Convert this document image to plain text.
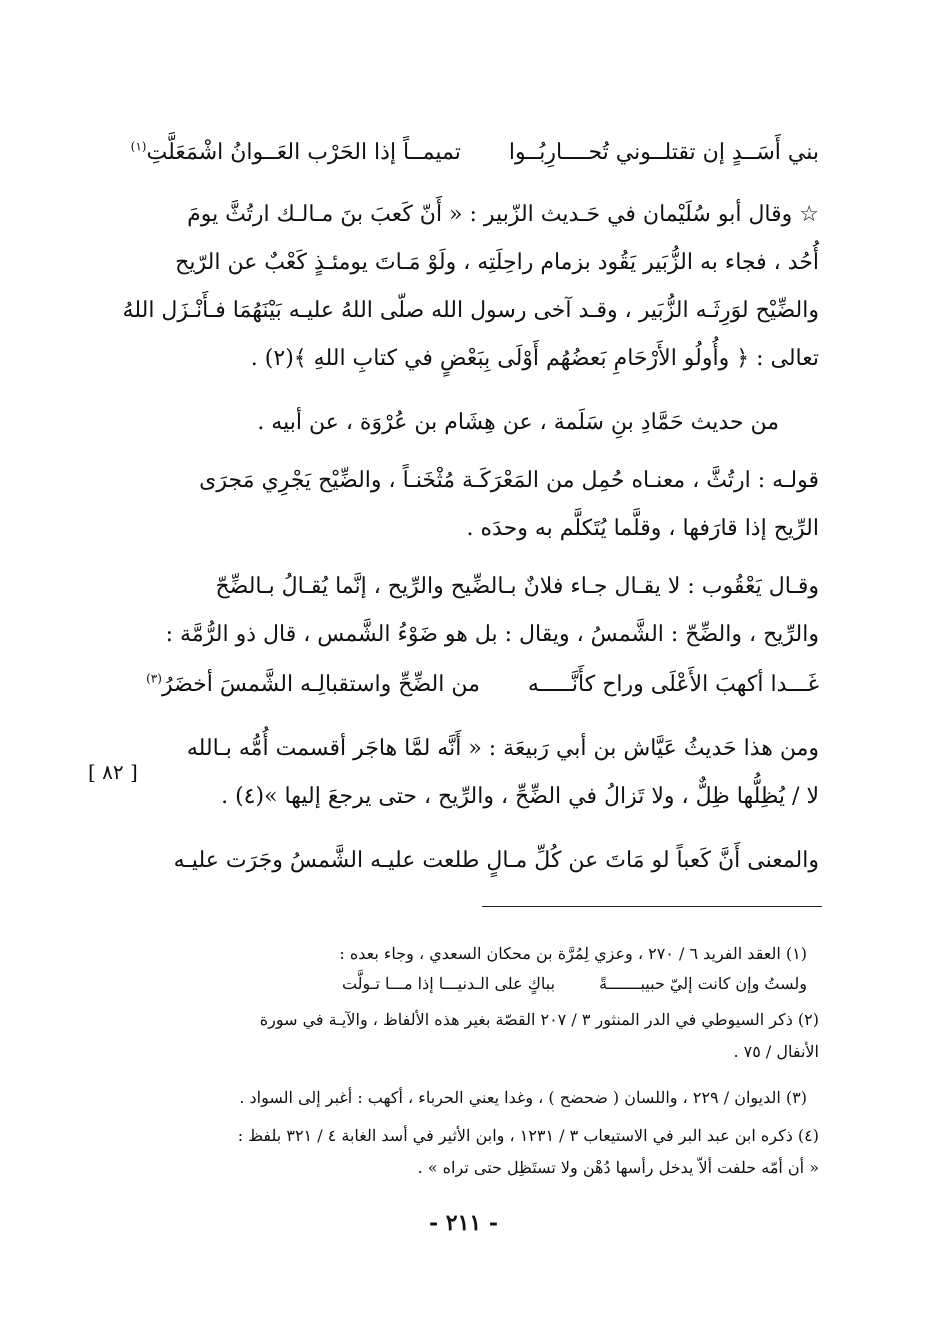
بني أَسَــدٍ إن تقتلــوني تُحــــارِبُــوا
تميمــاً إذا الحَرْب العَــوانُ اشْمَعَلَّتِ$^{(١)}$
☆ وقال أبو سُلَيْمان في حَـديث الزّبير : « أَنّ كَعبَ بنَ مـالـك ارتُثَّ يومَ
أُحُد ، فجاء به الزُّبَير يَقُود بزمام راحِلَتِه ، ولَوْ مَـاتَ يومئـذٍ كَعْبٌ عن الرّيح
والضِّيْح لوَرِثَـه الزُّبَير ، وقـد آخى رسول الله صلّى اللهُ عليـه بَيْنَهُمَا فـأَنْـزَل اللهُ
تعالى : ﴿ وأُولُو الأَرْحَامِ بَعضُهُم أَوْلَى بِبَعْضٍ في كتابِ اللهِ ﴾(٢) .
من حديث حَمَّادِ بنِ سَلَمة ، عن هِشَام بن عُرْوَة ، عن أبيه .
قولـه : ارتُثَّ ، معنـاه حُمِل من المَعْرَكَـة مُثْخَنـاً ، والضِّيْح يَجْرِي مَجرَى
الرِّيح إذا قارَفها ، وقلَّما يُتَكلَّم به وحدَه .
وقـال يَعْقُوب : لا يقـال جـاء فلانٌ بـالضِّيح والرِّيح ، إنَّما يُقـالُ بـالضِّحّ
والرِّيح ، والضِّحّ : الشَّمسُ ، ويقال : بل هو ضَوْءُ الشَّمس ، قال ذو الرُّمَّة :
غَـــدا أكهبَ الأَعْلَى وراح كأَنَّـــــه
من الضِّحِّ واستقبالِـه الشَّمسَ أخضَرُ$^{(٣)}$
ومن هذا حَديثُ عَيَّاش بن أبي رَبيعَة : « أَنَّه لمَّا هاجَر أقسمت أُمُّه بـالله
لا / يُظِلُّها ظِلٌّ ، ولا تَزالُ في الضِّحِّ ، والرِّيح ، حتى يرجعَ إليها »(٤) .
[ ٨٢ ]
والمعنى أَنَّ كَعباً لو مَاتَ عن كُلِّ مـالٍ طلعت عليـه الشَّمسُ وجَرَت عليـه
(١) العقد الفريد ٦ / ٢٧٠ ، وعزي لِمُرَّة بن محكان السعدي ، وجاء بعده :
ولستُ وإن كانت إليّ حبيبـــــــةً
بباكٍ على الـدنيـــا إذا مـــا تـولَّت
(٢) ذكر السيوطي في الدر المنثور ٣ / ٢٠٧ القصّة بغير هذه الألفاظ ، والآيـة في سورة
الأنفال / ٧٥ .
(٣) الديوان / ٢٢٩ ، واللسان ( ضحضح ) ، وغدا يعني الحرباء ، أكهب : أغبر إلى السواد .
(٤) ذكره ابن عبد البر في الاستيعاب ٣ / ١٢٣١ ، وابن الأثير في أسد الغابة ٤ / ٣٢١ بلفظ :
« أن أمّه حلفت ألاّ يدخل رأسها دُهْن ولا تستَظِل حتى تراه » .
- ٢١١ -
